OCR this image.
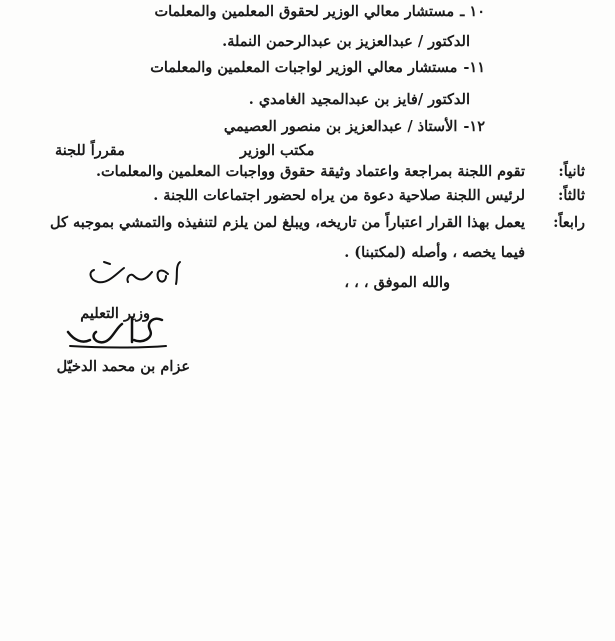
١٠ ـمستشار معالي الوزير لحقوق المعلمين والمعلمات
الدكتور / عبدالعزيز بن عبدالرحمن النملة.
١١-مستشار معالي الوزير لواجبات المعلمين والمعلمات
الدكتور /فايز بن عبدالمجيد الغامدي .
١٢-الأستاذ / عبدالعزيز بن منصور العصيمي
مقرراً للجنة	مكتب الوزير
ثانياً:
تقوم اللجنة بمراجعة واعتماد وثيقة حقوق وواجبات المعلمين والمعلمات.
ثالثاً:
لرئيس اللجنة صلاحية دعوة من يراه لحضور اجتماعات اللجنة .
رابعاً:
يعمل بهذا القرار اعتباراً من تاريخه، ويبلغ لمن يلزم لتنفيذه والتمشي بموجبه كل
فيما يخصه ، وأصله (لمكتبنا) .
والله الموفق ، ، ،
وزير التعليم
عزام بن محمد الدخيّل
